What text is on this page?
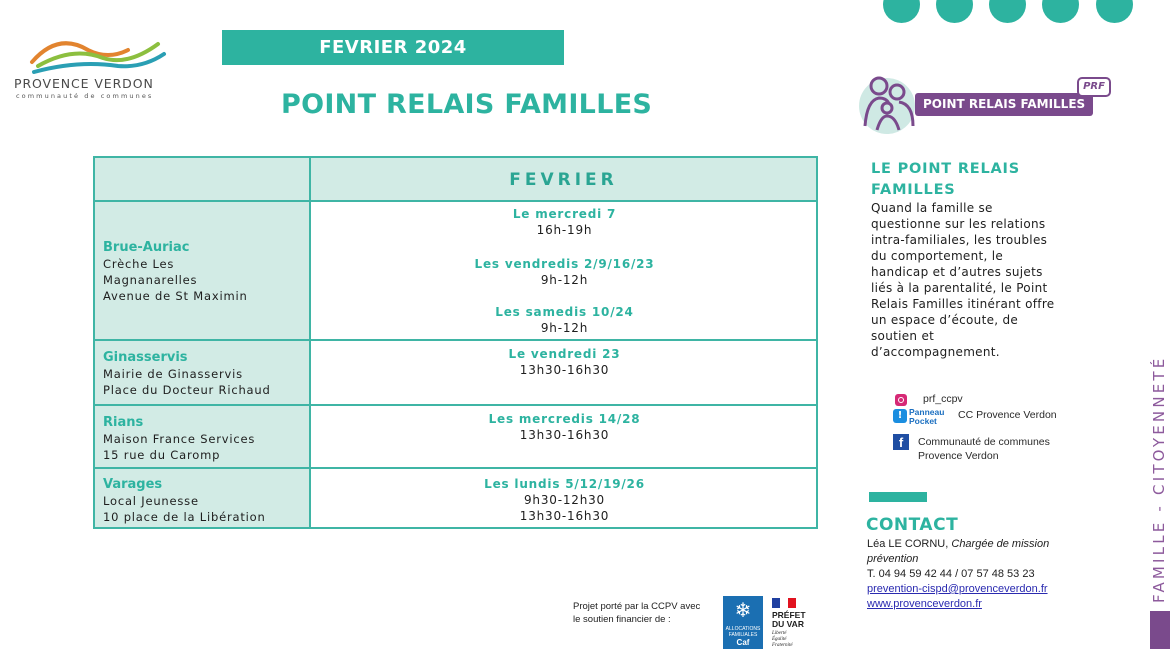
PROVENCE VERDON
communauté de communes
FEVRIER 2024
POINT RELAIS FAMILLES
FEVRIER
Brue-Auriac
Crèche Les
Magnanarelles
Avenue de St Maximin
Le mercredi 7
16h-19h
Les vendredis 2/9/16/23
9h-12h
Les samedis 10/24
9h-12h
Ginasservis
Mairie de Ginasservis
Place du Docteur Richaud
Le vendredi 23
13h30-16h30
Rians
Maison France Services
15 rue du Caromp
Les mercredis 14/28
13h30-16h30
Varages
Local Jeunesse
10 place de la Libération
Les lundis 5/12/19/26
9h30-12h30
13h30-16h30
POINT RELAIS FAMILLES
PRF
LE POINT RELAIS
FAMILLES
Quand la famille se
questionne sur les relations
intra-familiales, les troubles
du comportement, le
handicap et d’autres sujets
liés à la parentalité, le Point
Relais Familles itinérant offre
un espace d’écoute, de
soutien et
d’accompagnement.
prf_ccpv
! Panneau
Pocket	CC Provence Verdon
f	Communauté de communes
Provence Verdon
CONTACT
Léa LE CORNU, Chargée de mission
prévention
T. 04 94 59 42 44 / 07 57 48 53 23
prevention-cispd@provenceverdon.fr
www.provenceverdon.fr
FAMILLE - CITOYENNETÉ
Projet porté par la CCPV avec
le soutien financier de :
❄ ALLOCATIONS
FAMILIALES
Caf
PRÉFET
DU VAR
Liberté
Égalité
Fraternité
